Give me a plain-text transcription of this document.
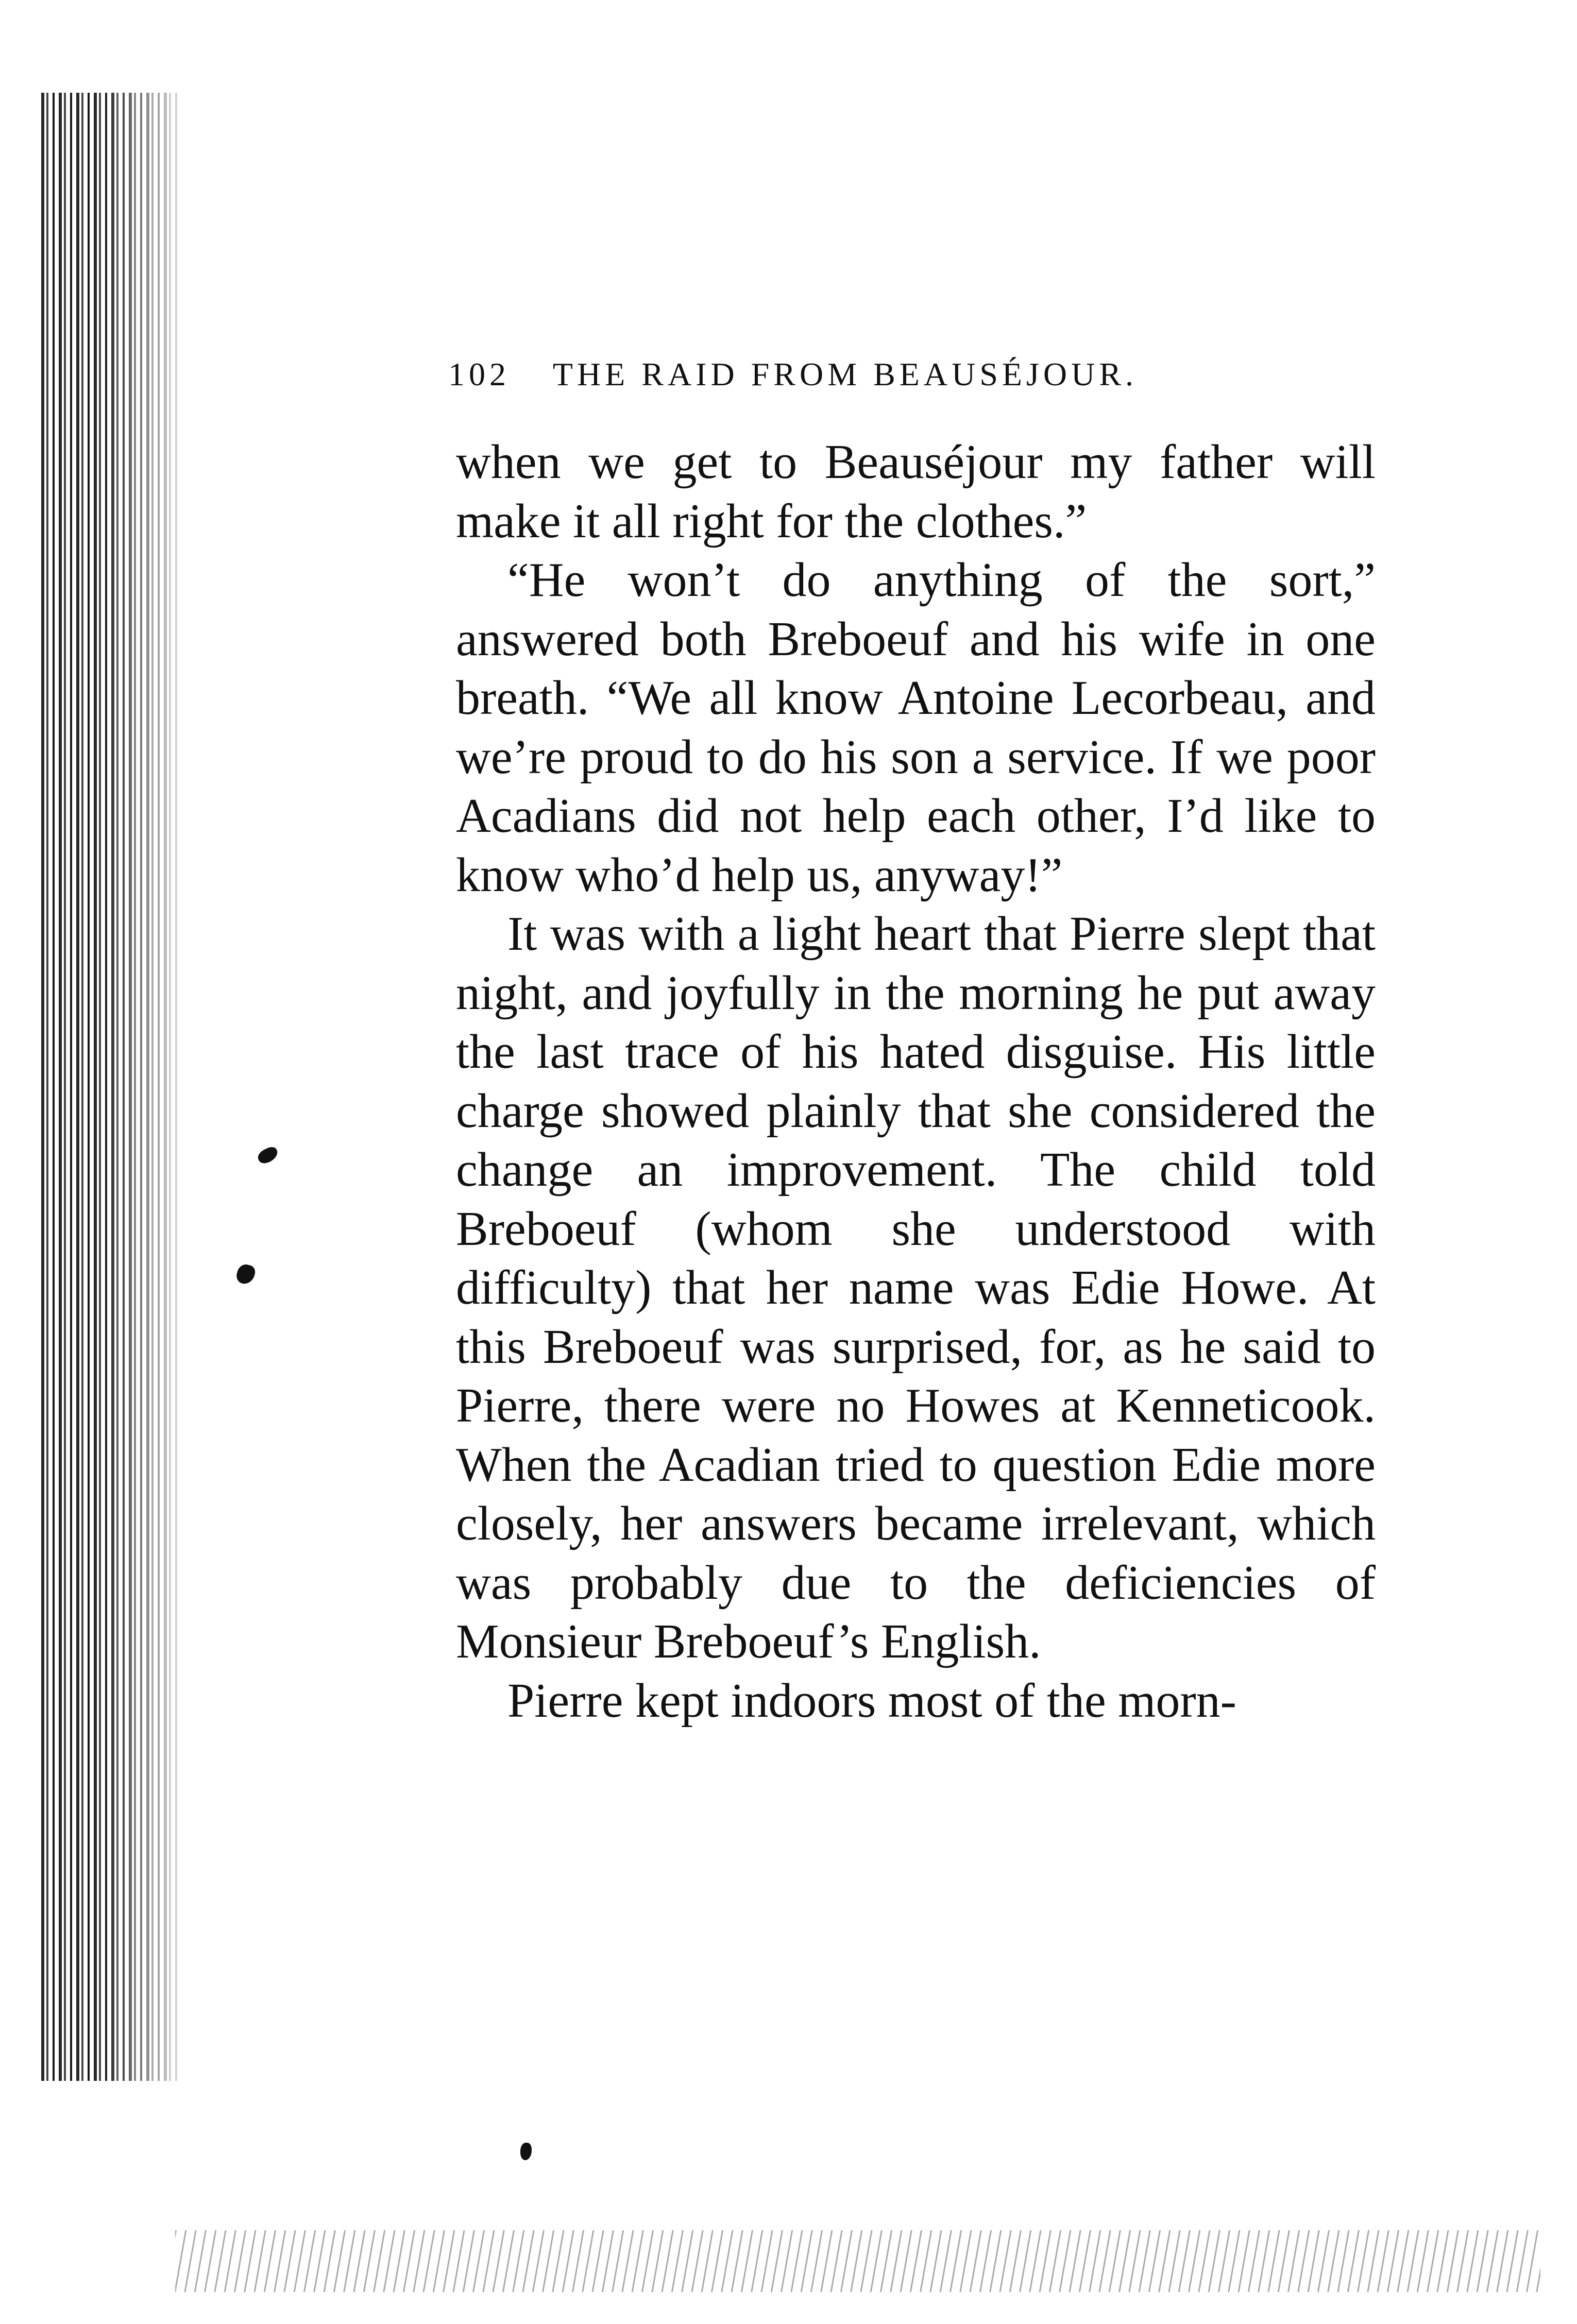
102 THE RAID FROM BEAUSÉJOUR.

when we get to Beauséjour my father will make it all right for the clothes.”

“He won’t do anything of the sort,” answered both Breboeuf and his wife in one breath. “We all know Antoine Lecorbeau, and we’re proud to do his son a service. If we poor Acadians did not help each other, I’d like to know who’d help us, anyway!”

It was with a light heart that Pierre slept that night, and joyfully in the morning he put away the last trace of his hated disguise. His little charge showed plainly that she considered the change an improvement. The child told Breboeuf (whom she understood with difficulty) that her name was Edie Howe. At this Breboeuf was surprised, for, as he said to Pierre, there were no Howes at Kenneticook. When the Acadian tried to question Edie more closely, her answers became irrelevant, which was probably due to the deficiencies of Monsieur Breboeuf’s English.

Pierre kept indoors most of the morn-
